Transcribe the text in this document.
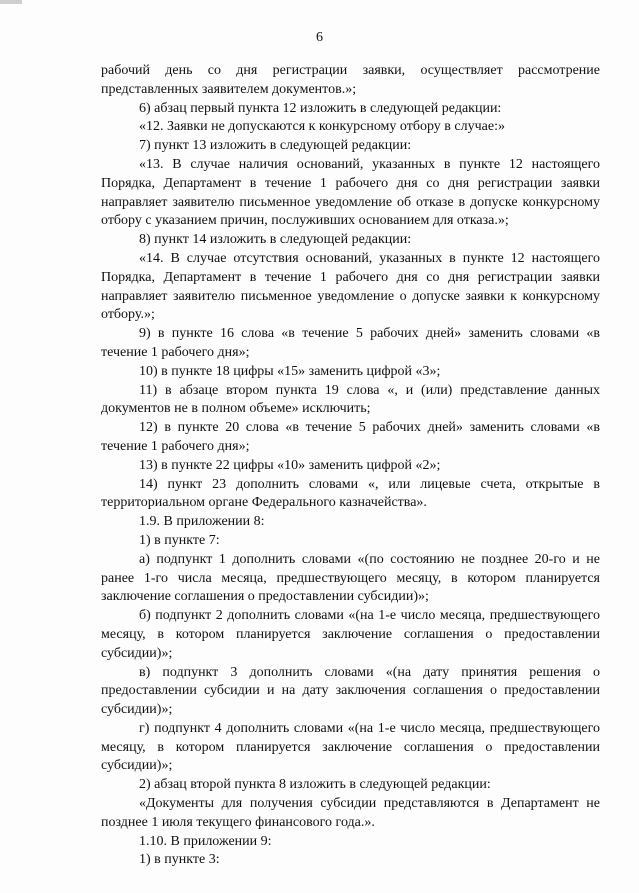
6

рабочий день со дня регистрации заявки, осуществляет рассмотрение представленных заявителем документов.»;

6) абзац первый пункта 12 изложить в следующей редакции:

«12. Заявки не допускаются к конкурсному отбору в случае:»

7) пункт 13 изложить в следующей редакции:

«13. В случае наличия оснований, указанных в пункте 12 настоящего Порядка, Департамент в течение 1 рабочего дня со дня регистрации заявки направляет заявителю письменное уведомление об отказе в допуске конкурсному отбору с указанием причин, послуживших основанием для отказа.»;

8) пункт 14 изложить в следующей редакции:

«14. В случае отсутствия оснований, указанных в пункте 12 настоящего Порядка, Департамент в течение 1 рабочего дня со дня регистрации заявки направляет заявителю письменное уведомление о допуске заявки к конкурсному отбору.»;

9) в пункте 16 слова «в течение 5 рабочих дней» заменить словами «в течение 1 рабочего дня»;

10) в пункте 18 цифры «15» заменить цифрой «3»;

11) в абзаце втором пункта 19 слова «, и (или) представление данных документов не в полном объеме» исключить;

12) в пункте 20 слова «в течение 5 рабочих дней» заменить словами «в течение 1 рабочего дня»;

13) в пункте 22 цифры «10» заменить цифрой «2»;

14) пункт 23 дополнить словами «, или лицевые счета, открытые в территориальном органе Федерального казначейства».

1.9. В приложении 8:

1) в пункте 7:

а) подпункт 1 дополнить словами «(по состоянию не позднее 20-го и не ранее 1-го числа месяца, предшествующего месяцу, в котором планируется заключение соглашения о предоставлении субсидии)»;

б) подпункт 2 дополнить словами «(на 1-е число месяца, предшествующего месяцу, в котором планируется заключение соглашения о предоставлении субсидии)»;

в) подпункт 3 дополнить словами «(на дату принятия решения о предоставлении субсидии и на дату заключения соглашения о предоставлении субсидии)»;

г) подпункт 4 дополнить словами «(на 1-е число месяца, предшествующего месяцу, в котором планируется заключение соглашения о предоставлении субсидии)»;

2) абзац второй пункта 8 изложить в следующей редакции:

«Документы для получения субсидии представляются в Департамент не позднее 1 июля текущего финансового года.».

1.10. В приложении 9:

1) в пункте 3:
